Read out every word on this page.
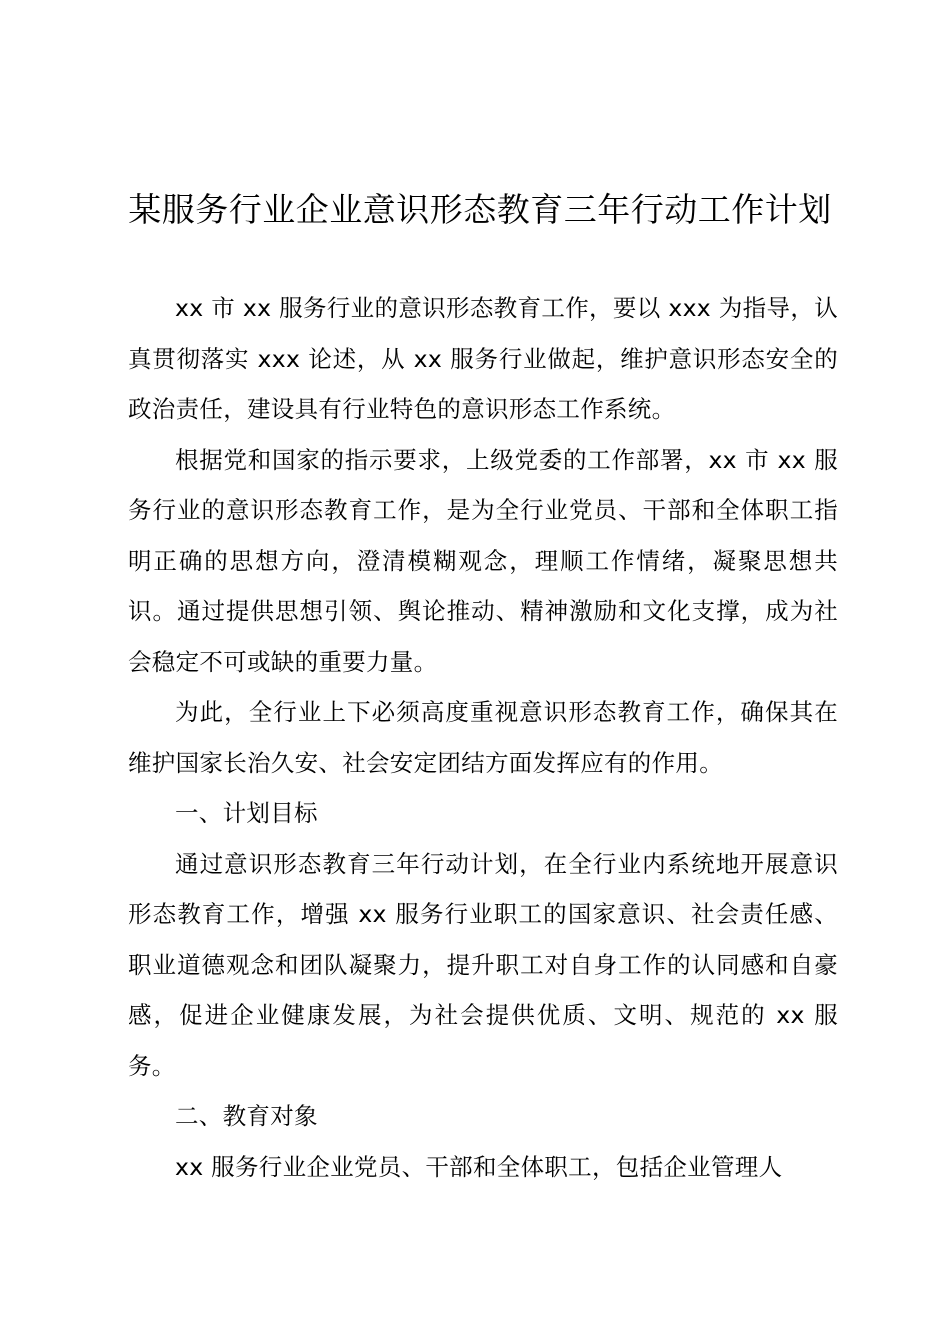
某服务行业企业意识形态教育三年行动工作计划

xx 市 xx 服务行业的意识形态教育工作，要以 xxx 为指导，认真贯彻落实 xxx 论述，从 xx 服务行业做起，维护意识形态安全的政治责任，建设具有行业特色的意识形态工作系统。

根据党和国家的指示要求，上级党委的工作部署，xx 市 xx 服务行业的意识形态教育工作，是为全行业党员、干部和全体职工指明正确的思想方向，澄清模糊观念，理顺工作情绪，凝聚思想共识。通过提供思想引领、舆论推动、精神激励和文化支撑，成为社会稳定不可或缺的重要力量。

为此，全行业上下必须高度重视意识形态教育工作，确保其在维护国家长治久安、社会安定团结方面发挥应有的作用。

一、计划目标

通过意识形态教育三年行动计划，在全行业内系统地开展意识形态教育工作，增强 xx 服务行业职工的国家意识、社会责任感、职业道德观念和团队凝聚力，提升职工对自身工作的认同感和自豪感，促进企业健康发展，为社会提供优质、文明、规范的 xx 服务。

二、教育对象

xx 服务行业企业党员、干部和全体职工，包括企业管理人
